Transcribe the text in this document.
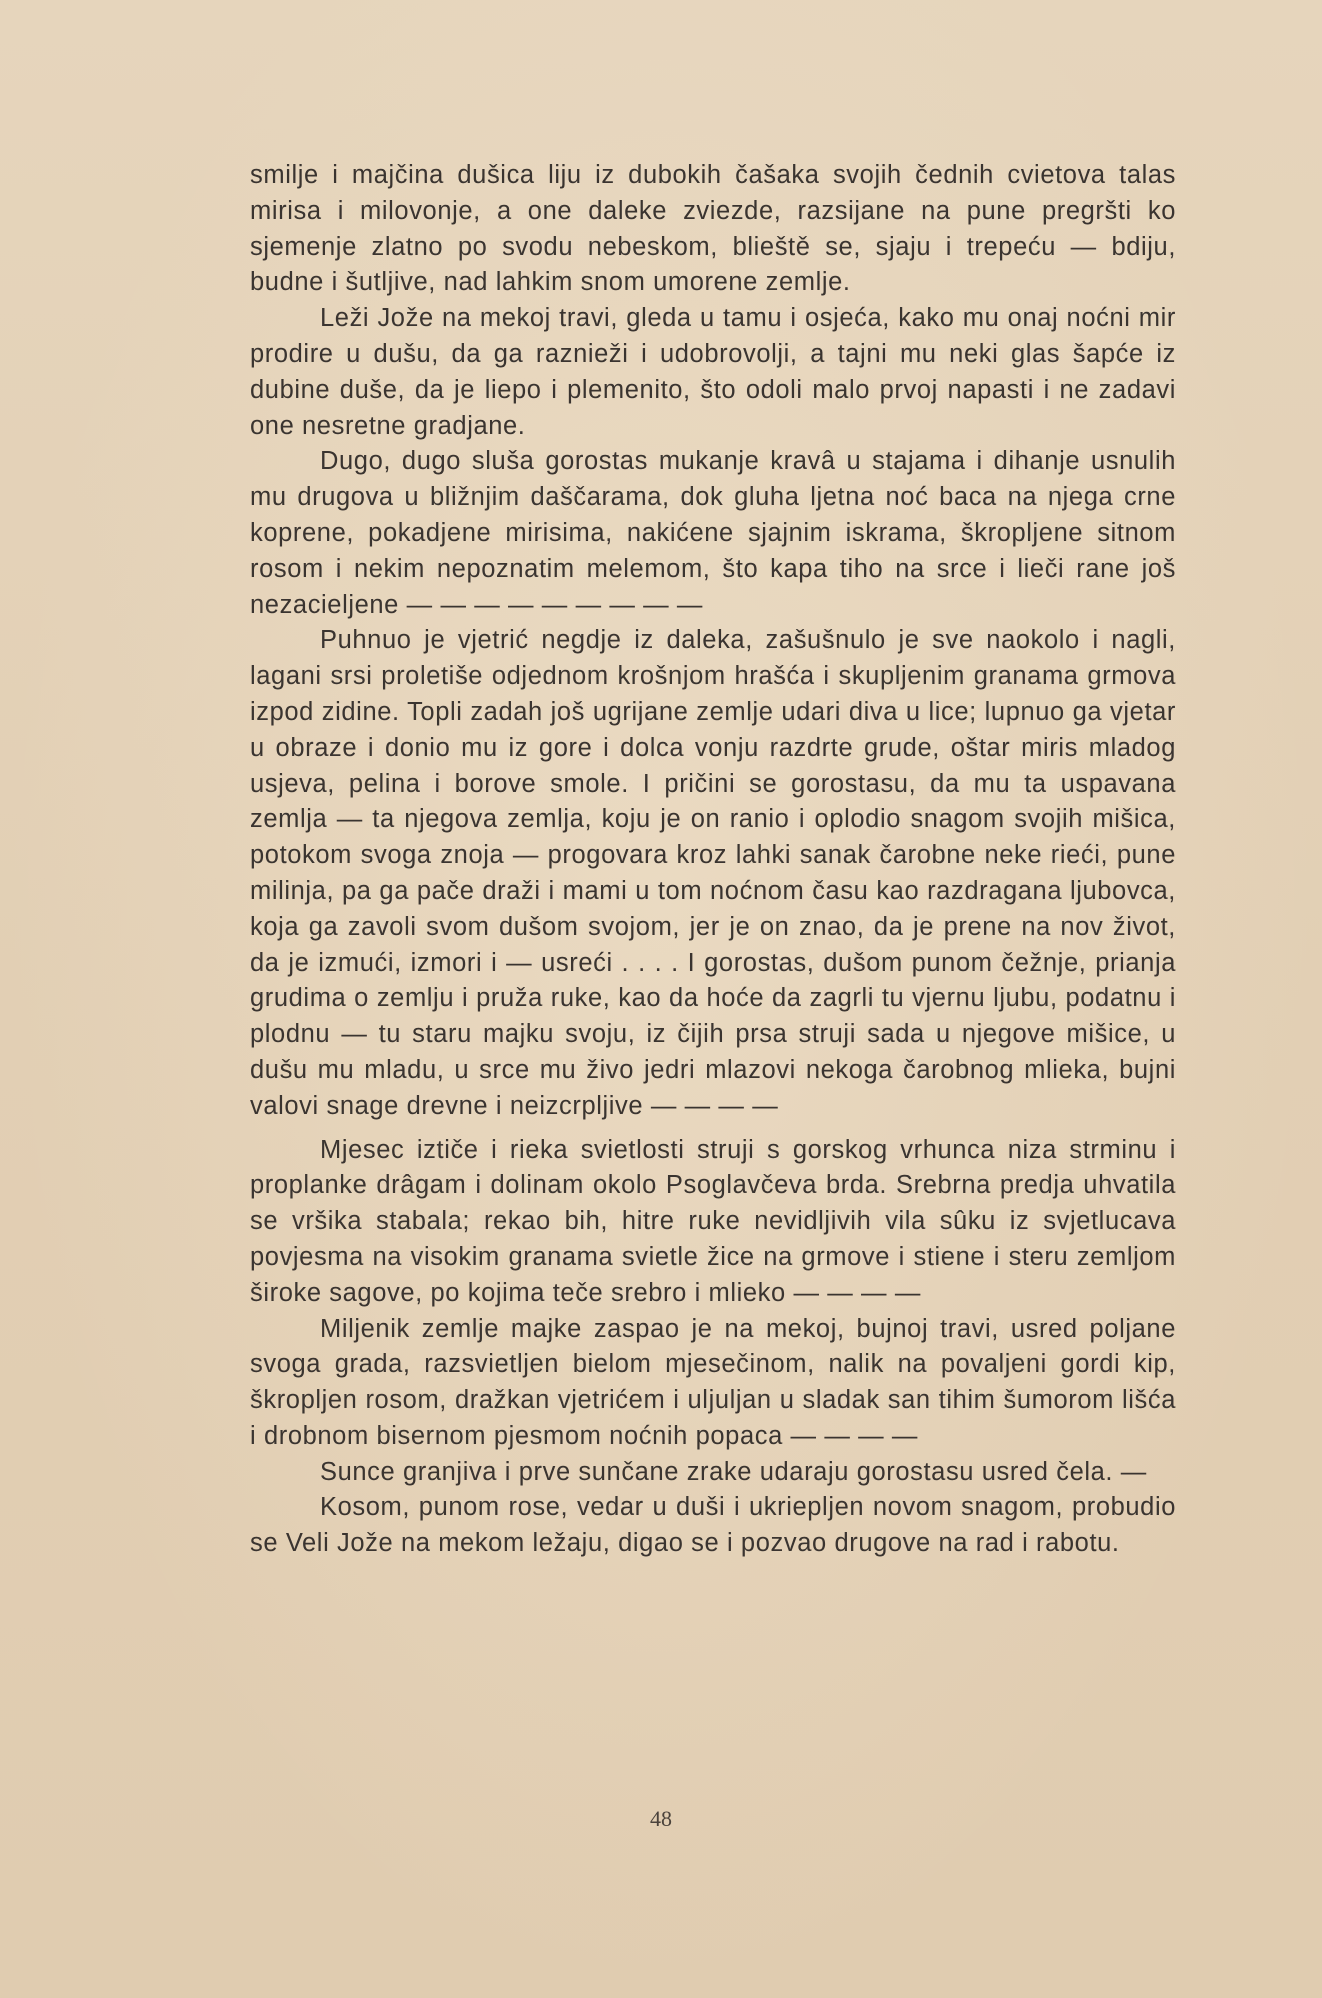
smilje i majčina dušica liju iz dubokih čašaka svojih čednih cvietova talas mirisa i milovonje, a one daleke zviezde, razsijane na pune pregršti ko sjemenje zlatno po svodu nebeskom, blieště se, sjaju i trepeću — bdiju, budne i šutljive, nad lahkim snom umorene zemlje.

Leži Jože na mekoj travi, gleda u tamu i osjeća, kako mu onaj noćni mir prodire u dušu, da ga raznieži i udobrovolji, a tajni mu neki glas šapće iz dubine duše, da je liepo i plemenito, što odoli malo prvoj napasti i ne zadavi one nesretne gradjane.

Dugo, dugo sluša gorostas mukanje kravâ u stajama i dihanje usnulih mu drugova u bližnjim daščarama, dok gluha ljetna noć baca na njega crne koprene, pokadjene mirisima, nakićene sjajnim iskrama, škropljene sitnom rosom i nekim nepoznatim melemom, što kapa tiho na srce i lieči rane još nezacieljene — — — — — — — — —

Puhnuo je vjetrić negdje iz daleka, zašušnulo je sve naokolo i nagli, lagani srsi proletiše odjednom krošnjom hrašća i skupljenim granama grmova izpod zidine. Topli zadah još ugrijane zemlje udari diva u lice; lupnuo ga vjetar u obraze i donio mu iz gore i dolca vonju razdrte grude, oštar miris mladog usjeva, pelina i borove smole. I pričini se gorostasu, da mu ta uspavana zemlja — ta njegova zemlja, koju je on ranio i oplodio snagom svojih mišica, potokom svoga znoja — progovara kroz lahki sanak čarobne neke rieći, pune milinja, pa ga pače draži i mami u tom noćnom času kao razdragana ljubovca, koja ga zavoli svom dušom svojom, jer je on znao, da je prene na nov život, da je izmući, izmori i — usreći . . . . I gorostas, dušom punom čežnje, prianja grudima o zemlju i pruža ruke, kao da hoće da zagrli tu vjernu ljubu, podatnu i plodnu — tu staru majku svoju, iz čijih prsa struji sada u njegove mišice, u dušu mu mladu, u srce mu živo jedri mlazovi nekoga čarobnog mlieka, bujni valovi snage drevne i neizcrpljive — — — —

Mjesec iztiče i rieka svietlosti struji s gorskog vrhunca niza strminu i proplanke drâgam i dolinam okolo Psoglavčeva brda. Srebrna predja uhvatila se vršika stabala; rekao bih, hitre ruke nevidljivih vila sûku iz svjetlucava povjesma na visokim granama svietle žice na grmove i stiene i steru zemljom široke sagove, po kojima teče srebro i mlieko — — — —

Miljenik zemlje majke zaspao je na mekoj, bujnoj travi, usred poljane svoga grada, razsvietljen bielom mjesečinom, nalik na povaljeni gordi kip, škropljen rosom, dražkan vjetrićem i uljuljan u sladak san tihim šumorom lišća i drobnom bisernom pjesmom noćnih popaca — — — —

Sunce granjiva i prve sunčane zrake udaraju gorostasu usred čela. —

Kosom, punom rose, vedar u duši i ukriepljen novom snagom, probudio se Veli Jože na mekom ležaju, digao se i pozvao drugove na rad i rabotu.

48
